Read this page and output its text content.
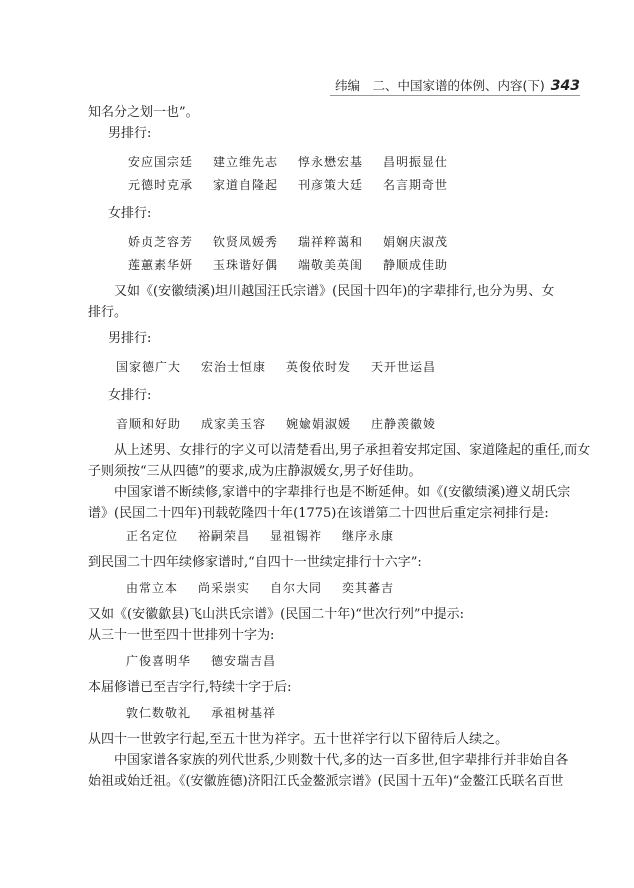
纬编　二、中国家谱的体例、内容(下) 343

知名分之划一也”。

男排行:

安应国宗廷 建立维先志 惇永懋宏基 昌明振显仕
元德时克承 家道自隆起 刊彦策大廷 名言期奇世

女排行:

娇贞芝容芳 钦贤凤媛秀 瑞祥粹蔼和 娟娴庆淑茂
莲蕙素华妍 玉珠谐好偶 端敬美英闺 静顺成佳助

又如《(安徽绩溪)坦川越国汪氏宗谱》(民国十四年)的字辈排行,也分为男、女

排行。

男排行:

国家德广大 宏治士恒康 英俊依时发 天开世运昌

女排行:

音顺和好助 成家美玉容 婉婾娟淑媛 庄静羡徽婈

从上述男、女排行的字义可以清楚看出,男子承担着安邦定国、家道隆起的重任,而女

子则须按“三从四德”的要求,成为庄静淑媛女,男子好佳助。

中国家谱不断续修,家谱中的字辈排行也是不断延伸。如《(安徽绩溪)遵义胡氏宗

谱》(民国二十四年)刊载乾隆四十年(1775)在该谱第二十四世后重定宗祠排行是:

正名定位 裕嗣荣昌 显祖锡祚 继序永康

到民国二十四年续修家谱时,“自四十一世续定排行十六字”:

由常立本 尚采崇实 自尔大同 奕其蕃吉

又如《(安徽歙县)飞山洪氏宗谱》(民国二十年)“世次行列”中提示:

从三十一世至四十世排列十字为:

广俊喜明华 德安瑞吉昌

本届修谱已至吉字行,特续十字于后:

敦仁数敬礼 承祖树基祥

从四十一世敦字行起,至五十世为祥字。五十世祥字行以下留待后人续之。

中国家谱各家族的列代世系,少则数十代,多的达一百多世,但字辈排行并非始自各

始祖或始迁祖。《(安徽旌德)济阳江氏金鳌派宗谱》(民国十五年)“金鳌江氏联名百世
